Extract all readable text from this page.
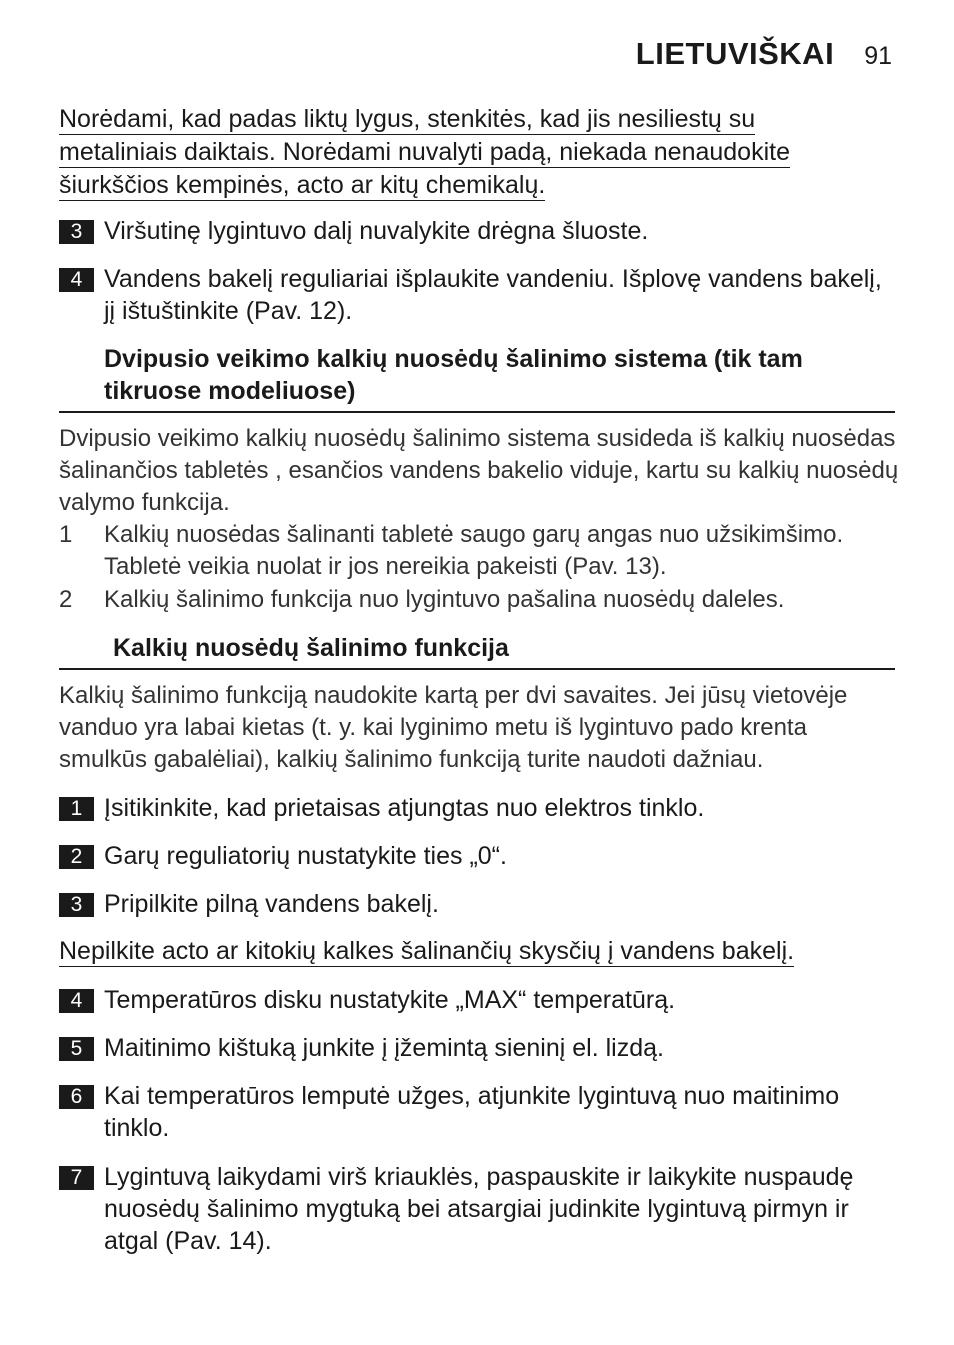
LIETUVIŠKAI 91
Norėdami, kad padas liktų lygus, stenkitės, kad jis nesiliestų su
metaliniais daiktais. Norėdami nuvalyti padą, niekada nenaudokite
šiurkščios kempinės, acto ar kitų chemikalų.
3 Viršutinę lygintuvo dalį nuvalykite drėgna šluoste.
4 Vandens bakelį reguliariai išplaukite vandeniu. Išplovę vandens bakelį, jį ištuštinkite (Pav. 12).
Dvipusio veikimo kalkių nuosėdų šalinimo sistema (tik tam tikruose modeliuose)
Dvipusio veikimo kalkių nuosėdų šalinimo sistema susideda iš kalkių nuosėdas šalinančios tabletės , esančios vandens bakelio viduje, kartu su kalkių nuosėdų valymo funkcija.
1 Kalkių nuosėdas šalinanti tabletė saugo garų angas nuo užsikimšimo. Tabletė veikia nuolat ir jos nereikia pakeisti (Pav. 13).
2 Kalkių šalinimo funkcija nuo lygintuvo pašalina nuosėdų daleles.
Kalkių nuosėdų šalinimo funkcija
Kalkių šalinimo funkciją naudokite kartą per dvi savaites. Jei jūsų vietovėje vanduo yra labai kietas (t. y. kai lyginimo metu iš lygintuvo pado krenta smulkūs gabalėliai), kalkių šalinimo funkciją turite naudoti dažniau.
1 Įsitikinkite, kad prietaisas atjungtas nuo elektros tinklo.
2 Garų reguliatorių nustatykite ties „0“.
3 Pripilkite pilną vandens bakelį.
Nepilkite acto ar kitokių kalkes šalinančių skysčių į vandens bakelį.
4 Temperatūros disku nustatykite „MAX“ temperatūrą.
5 Maitinimo kištuką junkite į įžemintą sieninį el. lizdą.
6 Kai temperatūros lemputė užges, atjunkite lygintuvą nuo maitinimo tinklo.
7 Lygintuvą laikydami virš kriauklės, paspauskite ir laikykite nuspaudę nuosėdų šalinimo mygtuką bei atsargiai judinkite lygintuvą pirmyn ir atgal (Pav. 14).
